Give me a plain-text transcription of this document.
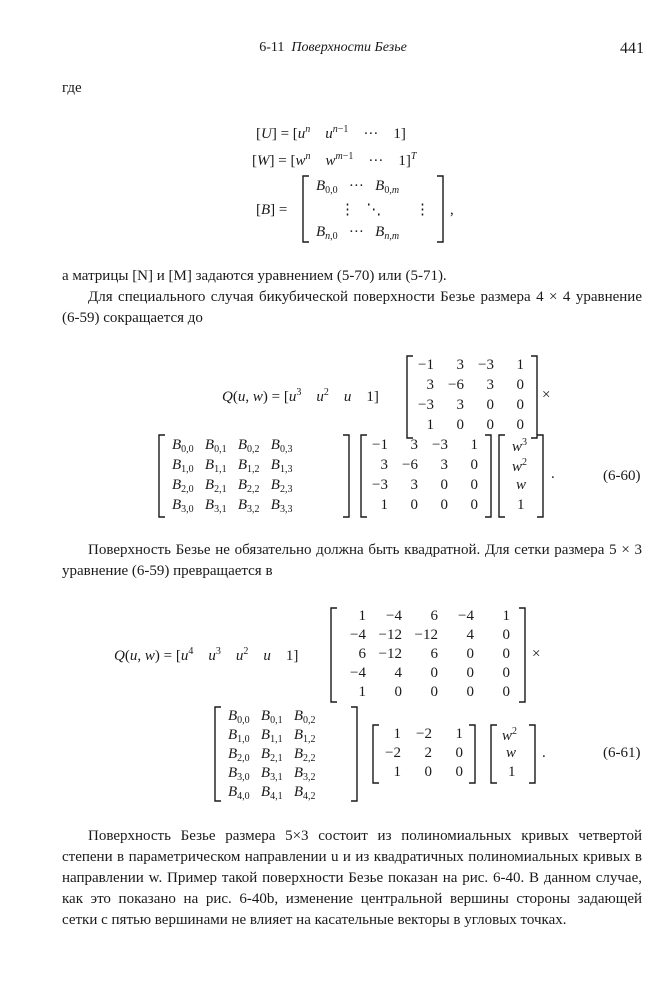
6-11 Поверхности Безье	441
где
$[U] = [u^n$ $u^{n-1}$    ···    1]
$[W] = [w^n$ $w^{m-1}$    ···    1]$^T$
[B] =
$B_{0,0}$   ···   $B_{0,m}$
⋮   ⋱         ⋮
$B_{n,0}$   ···   $B_{n,m}$
,

а матрицы [N] и [M] задаются уравнением (5-70) или (5-71).

Для специального случая бикубической поверхности Безье размера 4 × 4 уравнение (6-59) сокращается до

Q(u, $w) = [u^3$ $u^2$ u    1]
−1 3 −3 1
3 −6 3 0
−3 3 0 0
1 0 0 0
×
$B_{0,0}$ $B_{0,1}$ $B_{0,2}$ $B_{0,3}$
$B_{1,0}$ $B_{1,1}$ $B_{1,2}$ $B_{1,3}$
$B_{2,0}$ $B_{2,1}$ $B_{2,2}$ $B_{2,3}$
$B_{3,0}$ $B_{3,1}$ $B_{3,2}$ $B_{3,3}$
−1 3 −3 1
3 −6 3 0
−3 3 0 0
1 0 0 0
$w^3$
$w^2$
w
1
.	(6-60)

Поверхность Безье не обязательно должна быть квадратной. Для сетки размера 5 × 3 уравнение (6-59) превращается в

Q(u, $w) = [u^4$ $u^3$ $u^2$ u    1]
1 −4 6 −4 1
−4 −12 −12 4 0
6 −12 6 0 0
−4 4 0 0 0
1 0 0 0 0
×
$B_{0,0}$ $B_{0,1}$ $B_{0,2}$
$B_{1,0}$ $B_{1,1}$ $B_{1,2}$
$B_{2,0}$ $B_{2,1}$ $B_{2,2}$
$B_{3,0}$ $B_{3,1}$ $B_{3,2}$
$B_{4,0}$ $B_{4,1}$ $B_{4,2}$
1 −2 1
−2 2 0
1 0 0
$w^2$
w
1
.	(6-61)

Поверхность Безье размера 5×3 состоит из полиномиальных кривых четвертой степени в параметрическом направлении u и из квадратичных полиномиальных кривых в направлении w. Пример такой поверхности Безье показан на рис. 6-40. В данном случае, как это показано на рис. 6-40b, изменение центральной вершины стороны задающей сетки с пятью вершинами не влияет на касательные векторы в угловых точках.
